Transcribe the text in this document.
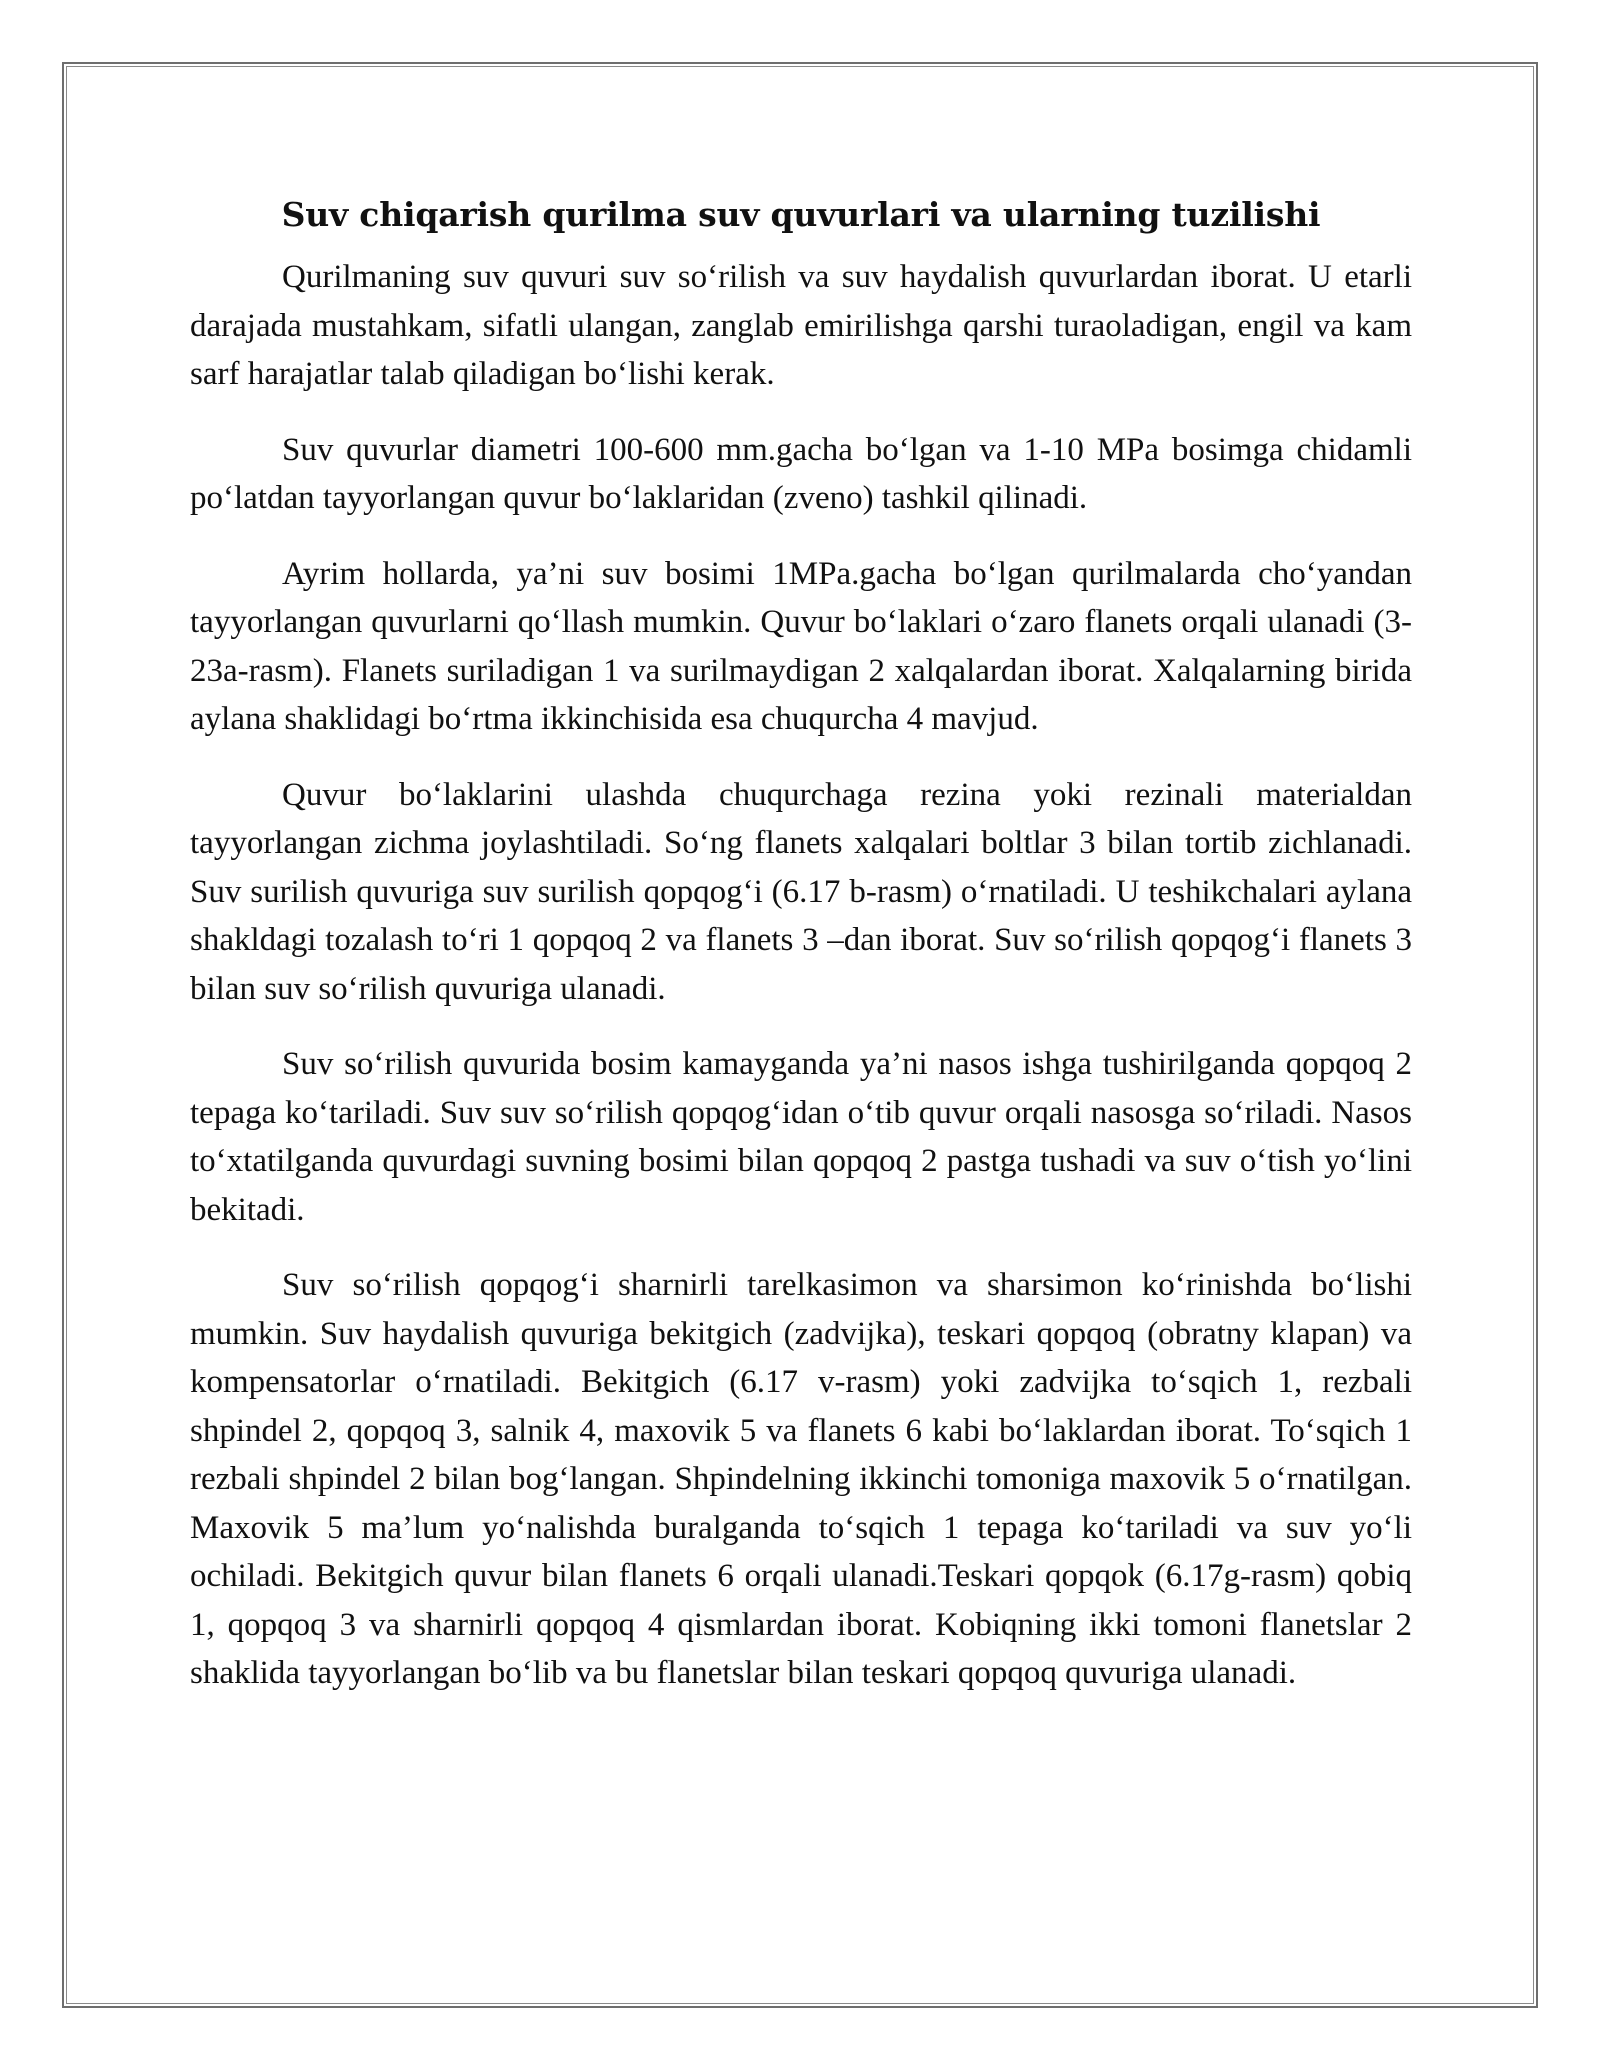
Suv chiqarish qurilma suv quvurlari va ularning tuzilishi

Qurilmaning suv quvuri suv so‘rilish va suv haydalish quvurlardan iborat. U etarli darajada mustahkam, sifatli ulangan, zanglab emirilishga qarshi turaoladigan, engil va kam sarf harajatlar talab qiladigan bo‘lishi kerak.

Suv quvurlar diametri 100-600 mm.gacha bo‘lgan va 1-10 MPa bosimga chidamli po‘latdan tayyorlangan quvur bo‘laklaridan (zveno) tashkil qilinadi.

Ayrim hollarda, ya’ni suv bosimi 1MPa.gacha bo‘lgan qurilmalarda cho‘yandan tayyorlangan quvurlarni qo‘llash mumkin. Quvur bo‘laklari o‘zaro flanets orqali ulanadi (3-23a-rasm). Flanets suriladigan 1 va surilmaydigan 2 xalqalardan iborat. Xalqalarning birida aylana shaklidagi bo‘rtma ikkinchisida esa chuqurcha 4 mavjud.

Quvur bo‘laklarini ulashda chuqurchaga rezina yoki rezinali materialdan tayyorlangan zichma joylashtiladi. So‘ng flanets xalqalari boltlar 3 bilan tortib zichlanadi. Suv surilish quvuriga suv surilish qopqog‘i (6.17 b-rasm) o‘rnatiladi. U teshikchalari aylana shakldagi tozalash to‘ri 1 qopqoq 2 va flanets 3 –dan iborat. Suv so‘rilish qopqog‘i flanets 3 bilan suv so‘rilish quvuriga ulanadi.

Suv so‘rilish quvurida bosim kamayganda ya’ni nasos ishga tushirilganda qopqoq 2 tepaga ko‘tariladi. Suv suv so‘rilish qopqog‘idan o‘tib quvur orqali nasosga so‘riladi. Nasos to‘xtatilganda quvurdagi suvning bosimi bilan qopqoq 2 pastga tushadi va suv o‘tish yo‘lini bekitadi.

Suv so‘rilish qopqog‘i sharnirli tarelkasimon va sharsimon ko‘rinishda bo‘lishi mumkin. Suv haydalish quvuriga bekitgich (zadvijka), teskari qopqoq (obratny klapan) va kompensatorlar o‘rnatiladi. Bekitgich (6.17 v-rasm) yoki zadvijka to‘sqich 1, rezbali shpindel 2, qopqoq 3, salnik 4, maxovik 5 va flanets 6 kabi bo‘laklardan iborat. To‘sqich 1 rezbali shpindel 2 bilan bog‘langan. Shpindelning ikkinchi tomoniga maxovik 5 o‘rnatilgan. Maxovik 5 ma’lum yo‘nalishda buralganda to‘sqich 1 tepaga ko‘tariladi va suv yo‘li ochiladi. Bekitgich quvur bilan flanets 6 orqali ulanadi.Teskari qopqok (6.17g-rasm) qobiq 1, qopqoq 3 va sharnirli qopqoq 4 qismlardan iborat. Kobiqning ikki tomoni flanetslar 2 shaklida tayyorlangan bo‘lib va bu flanetslar bilan teskari qopqoq quvuriga ulanadi.
